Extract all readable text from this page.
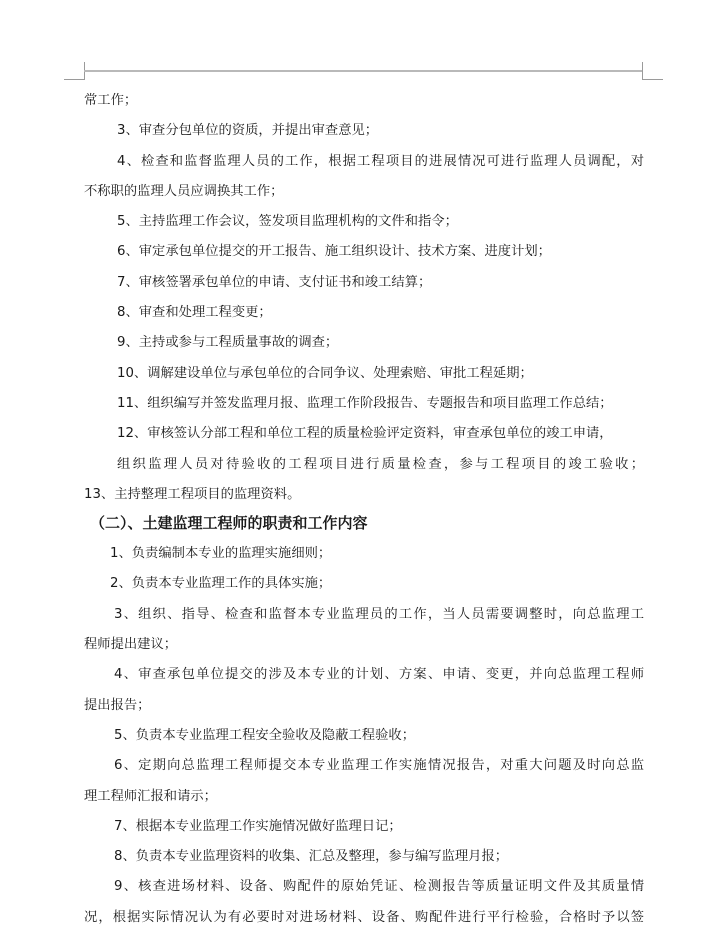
常工作；
3、审查分包单位的资质，并提出审查意见；
4、检查和监督监理人员的工作，根据工程项目的进展情况可进行监理人员调配，对
不称职的监理人员应调换其工作；
5、主持监理工作会议，签发项目监理机构的文件和指令；
6、审定承包单位提交的开工报告、施工组织设计、技术方案、进度计划；
7、审核签署承包单位的申请、支付证书和竣工结算；
8、审查和处理工程变更；
9、主持或参与工程质量事故的调查；
10、调解建设单位与承包单位的合同争议、处理索赔、审批工程延期；
11、组织编写并签发监理月报、监理工作阶段报告、专题报告和项目监理工作总结；
12、审核签认分部工程和单位工程的质量检验评定资料，审查承包单位的竣工申请，
组织监理人员对待验收的工程项目进行质量检查，参与工程项目的竣工验收；
13、主持整理工程项目的监理资料。
（二）、土建监理工程师的职责和工作内容
1、负责编制本专业的监理实施细则；
2、负责本专业监理工作的具体实施；
3、组织、指导、检查和监督本专业监理员的工作，当人员需要调整时，向总监理工
程师提出建议；
4、审查承包单位提交的涉及本专业的计划、方案、申请、变更，并向总监理工程师
提出报告；
5、负责本专业监理工程安全验收及隐蔽工程验收；
6、定期向总监理工程师提交本专业监理工作实施情况报告，对重大问题及时向总监
理工程师汇报和请示；
7、根据本专业监理工作实施情况做好监理日记；
8、负责本专业监理资料的收集、汇总及整理，参与编写监理月报；
9、核查进场材料、设备、购配件的原始凭证、检测报告等质量证明文件及其质量情
况，根据实际情况认为有必要时对进场材料、设备、购配件进行平行检验，合格时予以签
